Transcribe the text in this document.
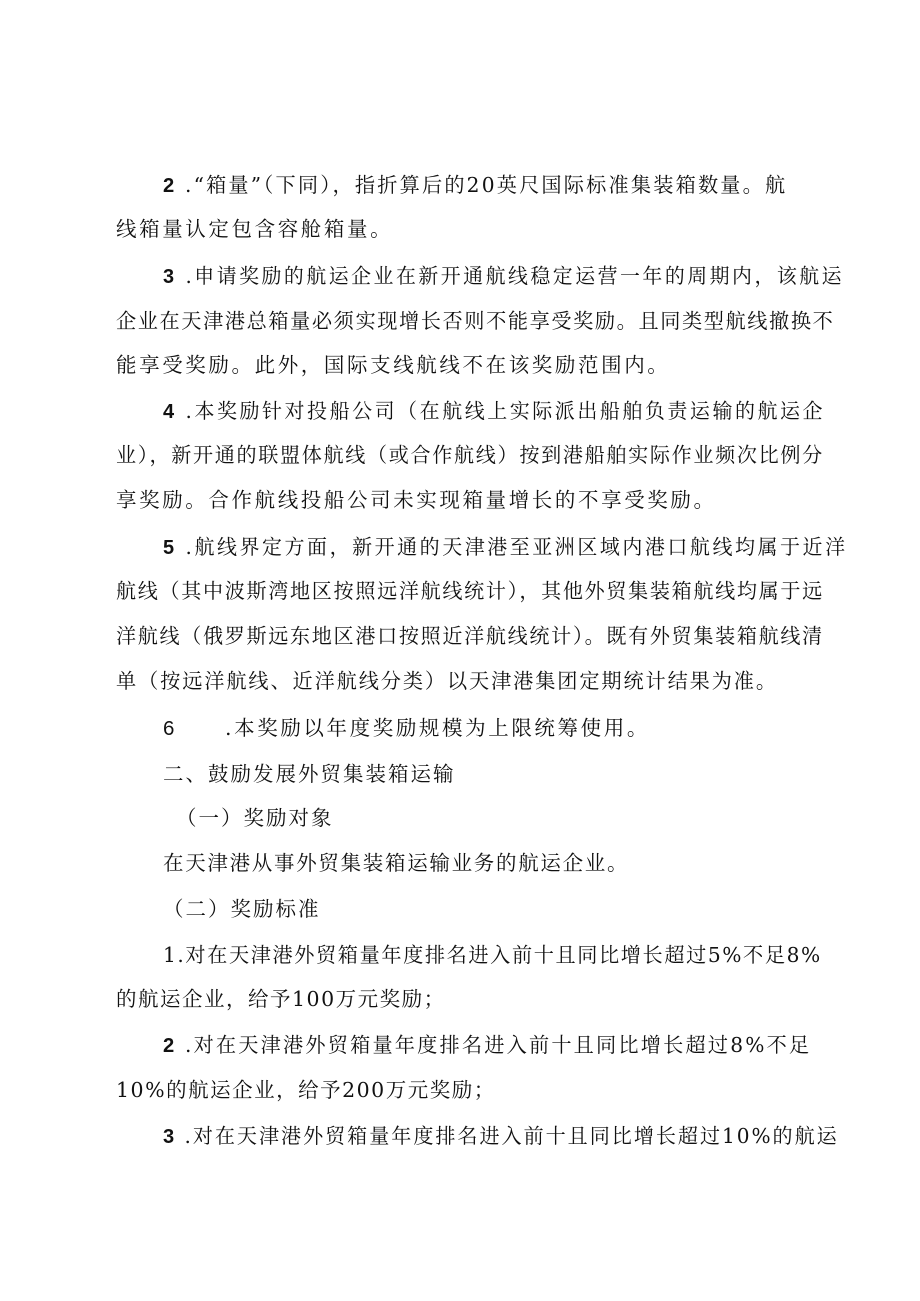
2 .“箱量”（下同），指折算后的20英尺国际标准集装箱数量。航
线箱量认定包含容舱箱量。
3 .申请奖励的航运企业在新开通航线稳定运营一年的周期内，该航运
企业在天津港总箱量必须实现增长否则不能享受奖励。且同类型航线撤换不
能享受奖励。此外，国际支线航线不在该奖励范围内。
4 .本奖励针对投船公司（在航线上实际派出船舶负责运输的航运企
业），新开通的联盟体航线（或合作航线）按到港船舶实际作业频次比例分
享奖励。合作航线投船公司未实现箱量增长的不享受奖励。
5 .航线界定方面，新开通的天津港至亚洲区域内港口航线均属于近洋
航线（其中波斯湾地区按照远洋航线统计），其他外贸集装箱航线均属于远
洋航线（俄罗斯远东地区港口按照近洋航线统计）。既有外贸集装箱航线清
单（按远洋航线、近洋航线分类）以天津港集团定期统计结果为准。
6 .本奖励以年度奖励规模为上限统筹使用。
二、鼓励发展外贸集装箱运输
（一）奖励对象
在天津港从事外贸集装箱运输业务的航运企业。
（二）奖励标准
1.对在天津港外贸箱量年度排名进入前十且同比增长超过5%不足8%
的航运企业，给予100万元奖励；
2 .对在天津港外贸箱量年度排名进入前十且同比增长超过8%不足
10%的航运企业，给予200万元奖励；
3 .对在天津港外贸箱量年度排名进入前十且同比增长超过10%的航运
